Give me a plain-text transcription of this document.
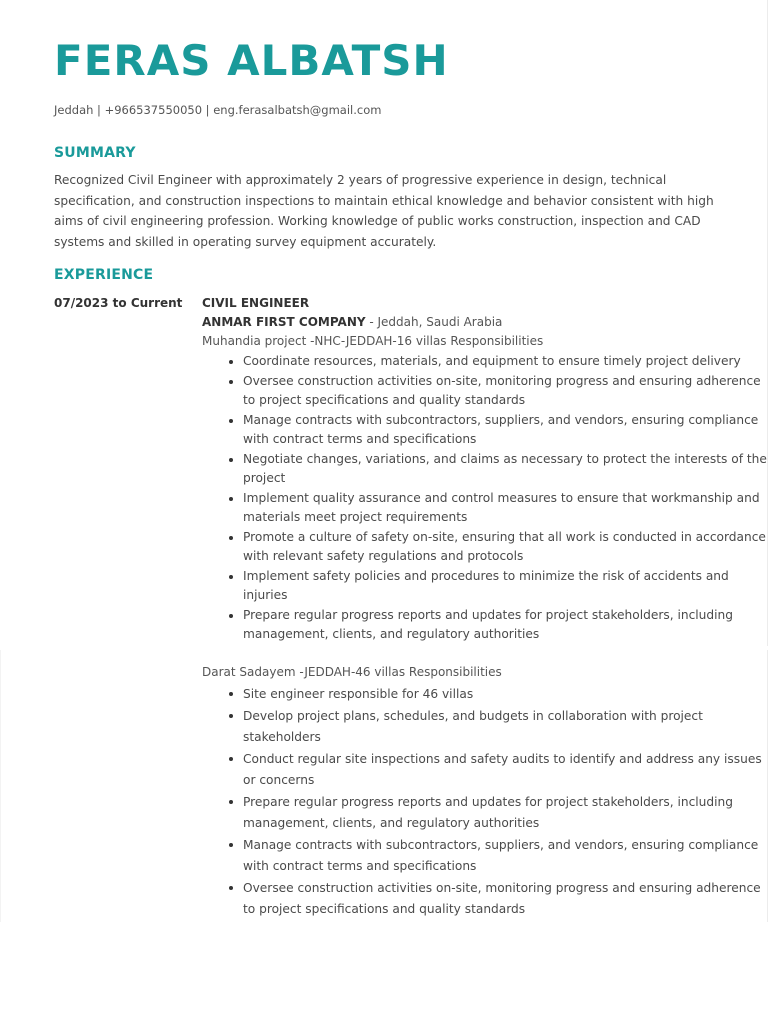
FERAS ALBATSH
Jeddah | +966537550050 | eng.ferasalbatsh@gmail.com
SUMMARY
Recognized Civil Engineer with approximately 2 years of progressive experience in design, technical specification, and construction inspections to maintain ethical knowledge and behavior consistent with high aims of civil engineering profession. Working knowledge of public works construction, inspection and CAD systems and skilled in operating survey equipment accurately.
EXPERIENCE
07/2023 to Current CIVIL ENGINEER
ANMAR FIRST COMPANY - Jeddah, Saudi Arabia
Muhandia project -NHC-JEDDAH-16 villas Responsibilities
Coordinate resources, materials, and equipment to ensure timely project delivery
Oversee construction activities on-site, monitoring progress and ensuring adherence to project specifications and quality standards
Manage contracts with subcontractors, suppliers, and vendors, ensuring compliance with contract terms and specifications
Negotiate changes, variations, and claims as necessary to protect the interests of the project
Implement quality assurance and control measures to ensure that workmanship and materials meet project requirements
Promote a culture of safety on-site, ensuring that all work is conducted in accordance with relevant safety regulations and protocols
Implement safety policies and procedures to minimize the risk of accidents and injuries
Prepare regular progress reports and updates for project stakeholders, including management, clients, and regulatory authorities
Darat Sadayem -JEDDAH-46 villas Responsibilities
Site engineer responsible for 46 villas
Develop project plans, schedules, and budgets in collaboration with project stakeholders
Conduct regular site inspections and safety audits to identify and address any issues or concerns
Prepare regular progress reports and updates for project stakeholders, including management, clients, and regulatory authorities
Manage contracts with subcontractors, suppliers, and vendors, ensuring compliance with contract terms and specifications
Oversee construction activities on-site, monitoring progress and ensuring adherence to project specifications and quality standards
